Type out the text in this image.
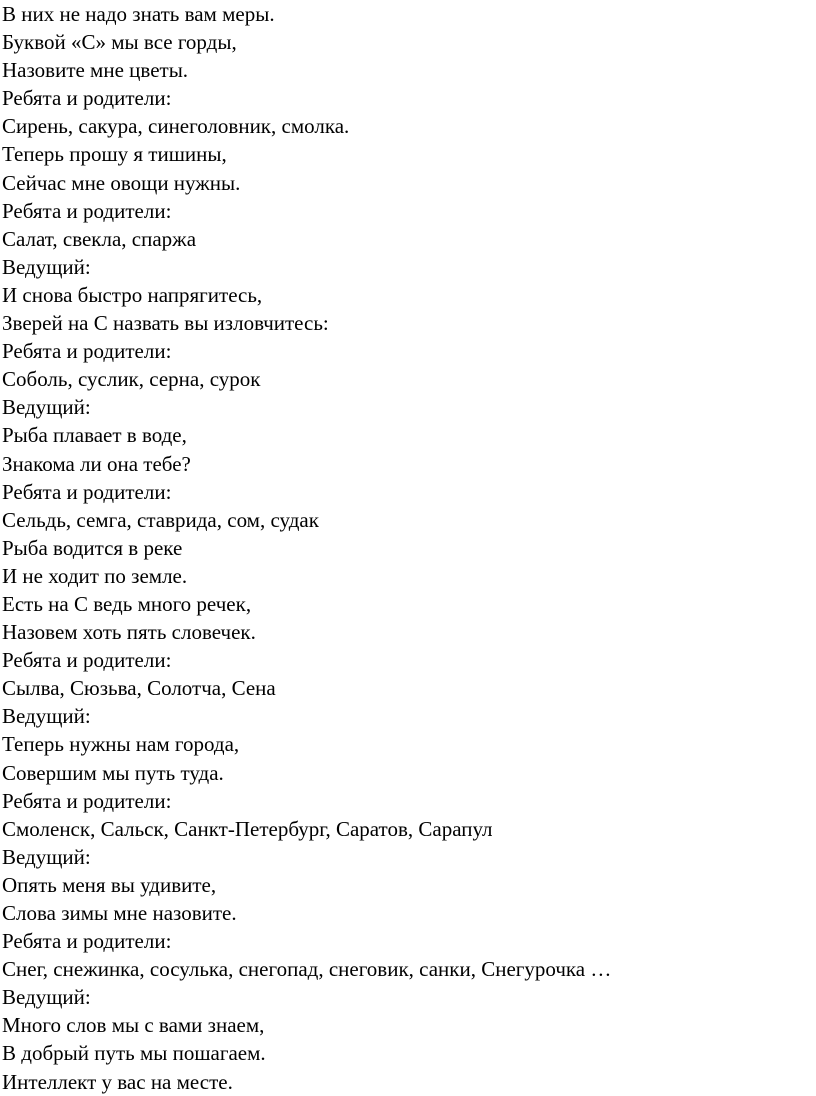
В них не надо знать вам меры.
Буквой «С» мы все горды,
Назовите мне цветы.
Ребята и родители:
Сирень, сакура, синеголовник, смолка.
Теперь прошу я тишины,
Сейчас мне овощи нужны.
Ребята и родители:
Салат, свекла, спаржа
Ведущий:
И снова быстро напрягитесь,
Зверей на С назвать вы изловчитесь:
Ребята и родители:
Соболь, суслик, серна, сурок
Ведущий:
Рыба плавает в воде,
Знакома ли она тебе?
Ребята и родители:
Сельдь, семга, ставрида, сом, судак
Рыба водится в реке
И не ходит по земле.
Есть на С ведь много речек,
Назовем хоть пять словечек.
Ребята и родители:
Сылва, Сюзьва, Солотча, Сена
Ведущий:
Теперь нужны нам города,
Совершим мы путь туда.
Ребята и родители:
Смоленск, Сальск, Санкт-Петербург, Саратов, Сарапул
Ведущий:
Опять меня вы удивите,
Слова зимы мне назовите.
Ребята и родители:
Снег, снежинка, сосулька, снегопад, снеговик, санки, Снегурочка …
Ведущий:
Много слов мы с вами знаем,
В добрый путь мы пошагаем.
Интеллект у вас на месте.
